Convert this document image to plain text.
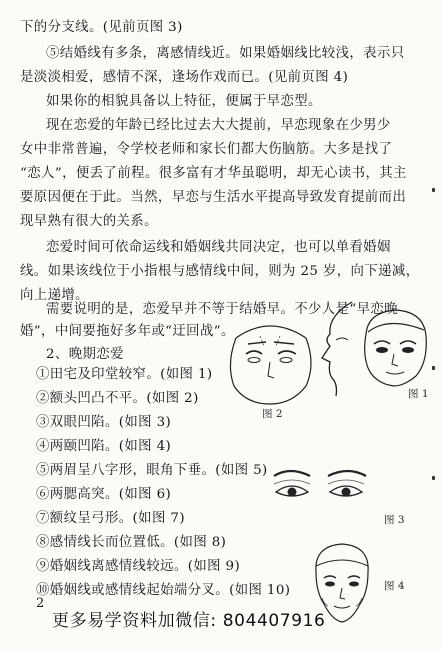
下的分支线。(见前页图 3)
⑤结婚线有多条，离感情线近。如果婚姻线比较浅，表示只
是淡淡相爱，感情不深，逢场作戏而已。(见前页图 4)
如果你的相貌具备以上特征，便属于早恋型。
现在恋爱的年龄已经比过去大大提前，早恋现象在少男少
女中非常普遍，令学校老师和家长们都大伤脑筋。大多是找了
“恋人”，便丢了前程。很多富有才华虽聪明，却无心读书，其主
要原因便在于此。当然，早恋与生活水平提高导致发育提前而出
现早熟有很大的关系。
恋爱时间可依命运线和婚姻线共同决定，也可以单看婚姻
线。如果该线位于小指根与感情线中间，则为 25 岁，向下递减，
向上递增。
需要说明的是，恋爱早并不等于结婚早。不少人是“早恋晚
婚”，中间要拖好多年或“迂回战”。
2、晚期恋爱
①田宅及印堂较窄。(如图 1)
②额头凹凸不平。(如图 2)
③双眼凹陷。(如图 3)
④两颐凹陷。(如图 4)
⑤两眉呈八字形，眼角下垂。(如图 5)
⑥两腮高突。(如图 6)
⑦额纹呈弓形。(如图 7)
⑧感情线长而位置低。(如图 8)
⑨婚姻线离感情线较远。(如图 9)
⑩婚姻线或感情线起始端分叉。(如图 10)
图 1
图 2
图 3
图 4
2
更多易学资料加微信: 804407916
